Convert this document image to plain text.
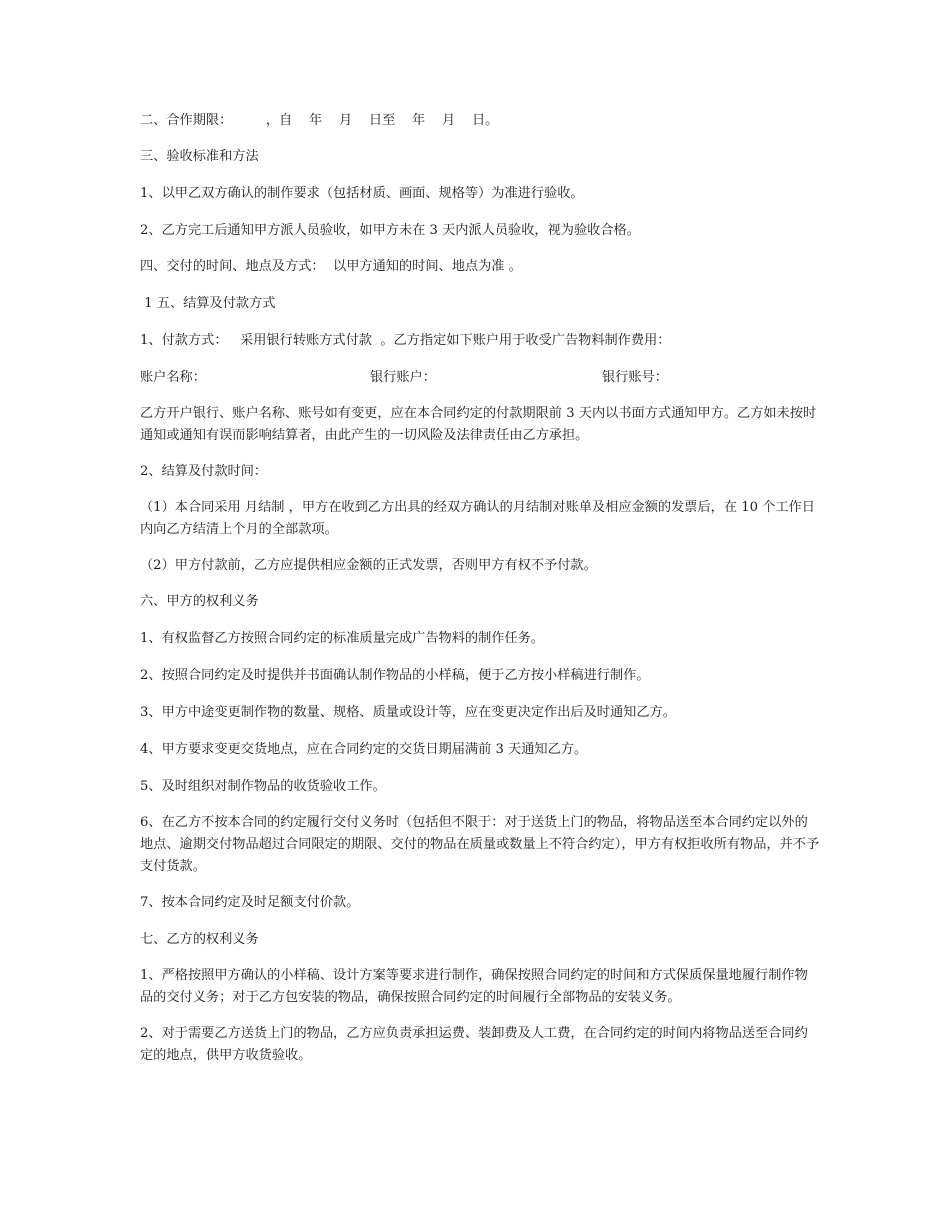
二、合作期限：        ，自    年    月    日至    年    月    日。

三、验收标准和方法

1、以甲乙双方确认的制作要求（包括材质、画面、规格等）为准进行验收。

2、乙方完工后通知甲方派人员验收，如甲方未在 3 天内派人员验收，视为验收合格。

四、交付的时间、地点及方式：  以甲方通知的时间、地点为准 。

1 五、结算及付款方式

1、付款方式：   采用银行转账方式付款  。乙方指定如下账户用于收受广告物料制作费用：

账户名称：	银行账户：	银行账号：

乙方开户银行、账户名称、账号如有变更，应在本合同约定的付款期限前 3 天内以书面方式通知甲方。乙方如未按时通知或通知有误而影响结算者，由此产生的一切风险及法律责任由乙方承担。

2、结算及付款时间：

（1）本合同采用 月结制 ，甲方在收到乙方出具的经双方确认的月结制对账单及相应金额的发票后，在 10 个工作日内向乙方结清上个月的全部款项。

（2）甲方付款前，乙方应提供相应金额的正式发票，否则甲方有权不予付款。

六、甲方的权利义务

1、有权监督乙方按照合同约定的标准质量完成广告物料的制作任务。

2、按照合同约定及时提供并书面确认制作物品的小样稿，便于乙方按小样稿进行制作。

3、甲方中途变更制作物的数量、规格、质量或设计等，应在变更决定作出后及时通知乙方。

4、甲方要求变更交货地点，应在合同约定的交货日期届满前 3 天通知乙方。

5、及时组织对制作物品的收货验收工作。

6、在乙方不按本合同的约定履行交付义务时（包括但不限于：对于送货上门的物品，将物品送至本合同约定以外的地点、逾期交付物品超过合同限定的期限、交付的物品在质量或数量上不符合约定），甲方有权拒收所有物品，并不予支付货款。

7、按本合同约定及时足额支付价款。

七、乙方的权利义务

1、严格按照甲方确认的小样稿、设计方案等要求进行制作，确保按照合同约定的时间和方式保质保量地履行制作物品的交付义务；对于乙方包安装的物品，确保按照合同约定的时间履行全部物品的安装义务。

2、对于需要乙方送货上门的物品，乙方应负责承担运费、装卸费及人工费，在合同约定的时间内将物品送至合同约定的地点，供甲方收货验收。
